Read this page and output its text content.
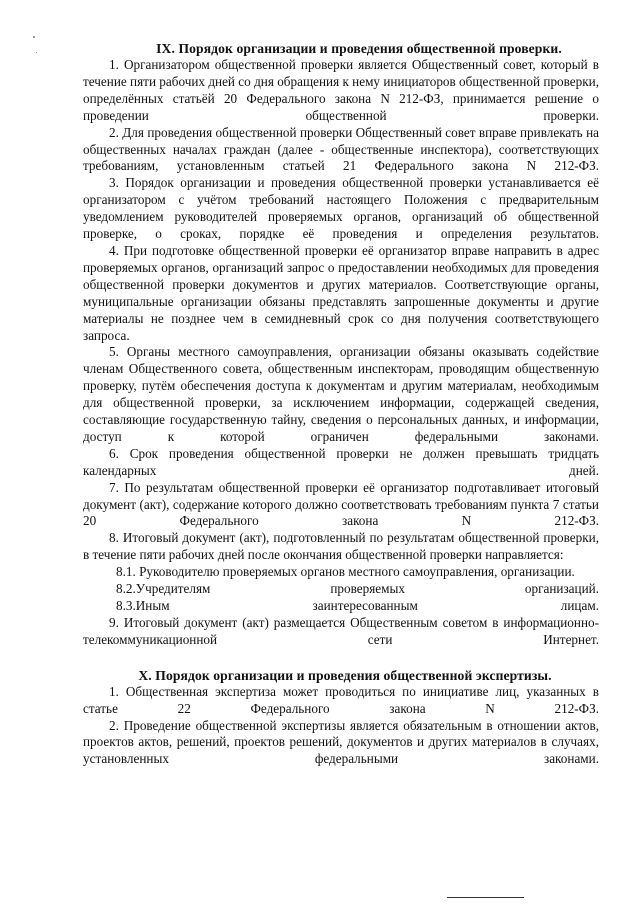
IX. Порядок организации и проведения общественной проверки.

1. Организатором общественной проверки является Общественный совет, который в течение пяти рабочих дней со дня обращения к нему инициаторов общественной проверки, определённых статьёй 20 Федерального закона N 212-ФЗ, принимается решение о проведении общественной проверки.

2. Для проведения общественной проверки Общественный совет вправе привлекать на общественных началах граждан (далее - общественные инспектора), соответствующих требованиям, установленным статьей 21 Федерального закона N 212-ФЗ.

3. Порядок организации и проведения общественной проверки устанавливается её организатором с учётом требований настоящего Положения с предварительным уведомлением руководителей проверяемых органов, организаций об общественной проверке, о сроках, порядке её проведения и определения результатов.

4. При подготовке общественной проверки её организатор вправе направить в адрес проверяемых органов, организаций запрос о предоставлении необходимых для проведения общественной проверки документов и других материалов. Соответствующие органы, муниципальные организации обязаны представлять запрошенные документы и другие материалы не позднее чем в семидневный срок со дня получения соответствующего запроса.

5. Органы местного самоуправления, организации обязаны оказывать содействие членам Общественного совета, общественным инспекторам, проводящим общественную проверку, путём обеспечения доступа к документам и другим материалам, необходимым для общественной проверки, за исключением информации, содержащей сведения, составляющие государственную тайну, сведения о персональных данных, и информации, доступ к которой ограничен федеральными законами.

6. Срок проведения общественной проверки не должен превышать тридцать календарных дней.

7. По результатам общественной проверки её организатор подготавливает итоговый документ (акт), содержание которого должно соответствовать требованиям пункта 7 статьи 20 Федерального закона N 212-ФЗ.

8. Итоговый документ (акт), подготовленный по результатам общественной проверки, в течение пяти рабочих дней после окончания общественной проверки направляется:

8.1. Руководителю проверяемых органов местного самоуправления, организации.

8.2.Учредителям проверяемых организаций.

8.3.Иным заинтересованным лицам.

9. Итоговый документ (акт) размещается Общественным советом в информационно-телекоммуникационной сети Интернет.

X. Порядок организации и проведения общественной экспертизы.

1. Общественная экспертиза может проводиться по инициативе лиц, указанных в статье 22 Федерального закона N 212-ФЗ.

2. Проведение общественной экспертизы является обязательным в отношении актов, проектов актов, решений, проектов решений, документов и других материалов в случаях, установленных федеральными законами.
